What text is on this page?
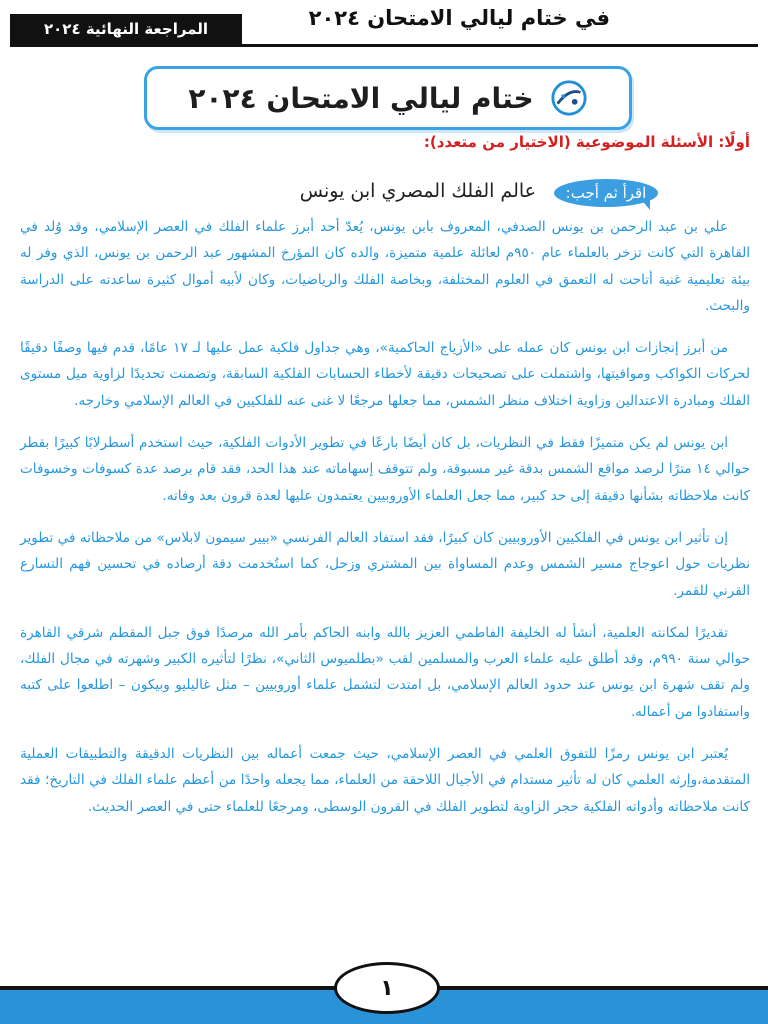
المراجعة النهائية ٢٠٢٤	في ختام ليالي الامتحان ٢٠٢٤
ختام ليالي الامتحان ٢٠٢٤
أولًا: الأسئلة الموضوعية (الاختيار من متعدد):
اقرأ ثم أجب:
عالم الفلك المصري ابن يونس

علي بن عبد الرحمن بن يونس الصدفي، المعروف بابن يونس، يُعدّ أحد أبرز علماء الفلك في العصر الإسلامي، وقد وُلد في القاهرة التي كانت تزخر بالعلماء عام ٩٥٠م لعائلة علمية متميزة، والده كان المؤرخ المشهور عبد الرحمن بن يونس، الذي وفر له بيئة تعليمية غنية أتاحت له التعمق في العلوم المختلفة، وبخاصة الفلك والرياضيات، وكان لأبيه أموال كثيرة ساعدته على الدراسة والبحث.

من أبرز إنجازات ابن يونس كان عمله على «الأزياج الحاكمية»، وهي جداول فلكية عمل عليها لـ ١٧ عامًا، قدم فيها وصفًا دقيقًا لحركات الكواكب ومواقيتها، واشتملت على تصحيحات دقيقة لأخطاء الحسابات الفلكية السابقة، وتضمنت تحديدًا لزاوية ميل مستوى الفلك ومبادرة الاعتدالين وزاوية اختلاف منظر الشمس، مما جعلها مرجعًا لا غنى عنه للفلكيين في العالم الإسلامي وخارجه.

ابن يونس لم يكن متميزًا فقط في النظريات، بل كان أيضًا بارعًا في تطوير الأدوات الفلكية، حيث استخدم أسطرلابًا كبيرًا بقطر حوالي ١٤ مترًا لرصد مواقع الشمس بدقة غير مسبوقة، ولم تتوقف إسهاماته عند هذا الحد، فقد قام برصد عدة كسوفات وخسوفات كانت ملاحظاته بشأنها دقيقة إلى حد كبير، مما جعل العلماء الأوروبيين يعتمدون عليها لعدة قرون بعد وفاته.

إن تأثير ابن يونس في الفلكيين الأوروبيين كان كبيرًا، فقد استفاد العالم الفرنسي «بيير سيمون لابلاس» من ملاحظاته في تطوير نظريات حول اعوجاج مسير الشمس وعدم المساواة بين المشتري وزحل، كما استُخدمت دقة أرصاده في تحسين فهم التسارع القرني للقمر.

تقديرًا لمكانته العلمية، أنشأ له الخليفة الفاطمي العزيز بالله وابنه الحاكم بأمر الله مرصدًا فوق جبل المقطم شرقي القاهرة حوالي سنة ٩٩٠م، وقد أطلق عليه علماء العرب والمسلمين لقب «بطلميوس الثاني»، نظرًا لتأثيره الكبير وشهرته في مجال الفلك، ولم تقف شهرة ابن يونس عند حدود العالم الإسلامي، بل امتدت لتشمل علماء أوروبيين – مثل غاليليو وبيكون – اطلعوا على كتبه واستفادوا من أعماله.

يُعتبر ابن يونس رمزًا للتفوق العلمي في العصر الإسلامي، حيث جمعت أعماله بين النظريات الدقيقة والتطبيقات العملية المتقدمة،وإرثه العلمي كان له تأثير مستدام في الأجيال اللاحقة من العلماء، مما يجعله واحدًا من أعظم علماء الفلك في التاريخ؛ فقد كانت ملاحظاته وأدواته الفلكية حجر الزاوية لتطوير الفلك في القرون الوسطى، ومرجعًا للعلماء حتى في العصر الحديث.

١
